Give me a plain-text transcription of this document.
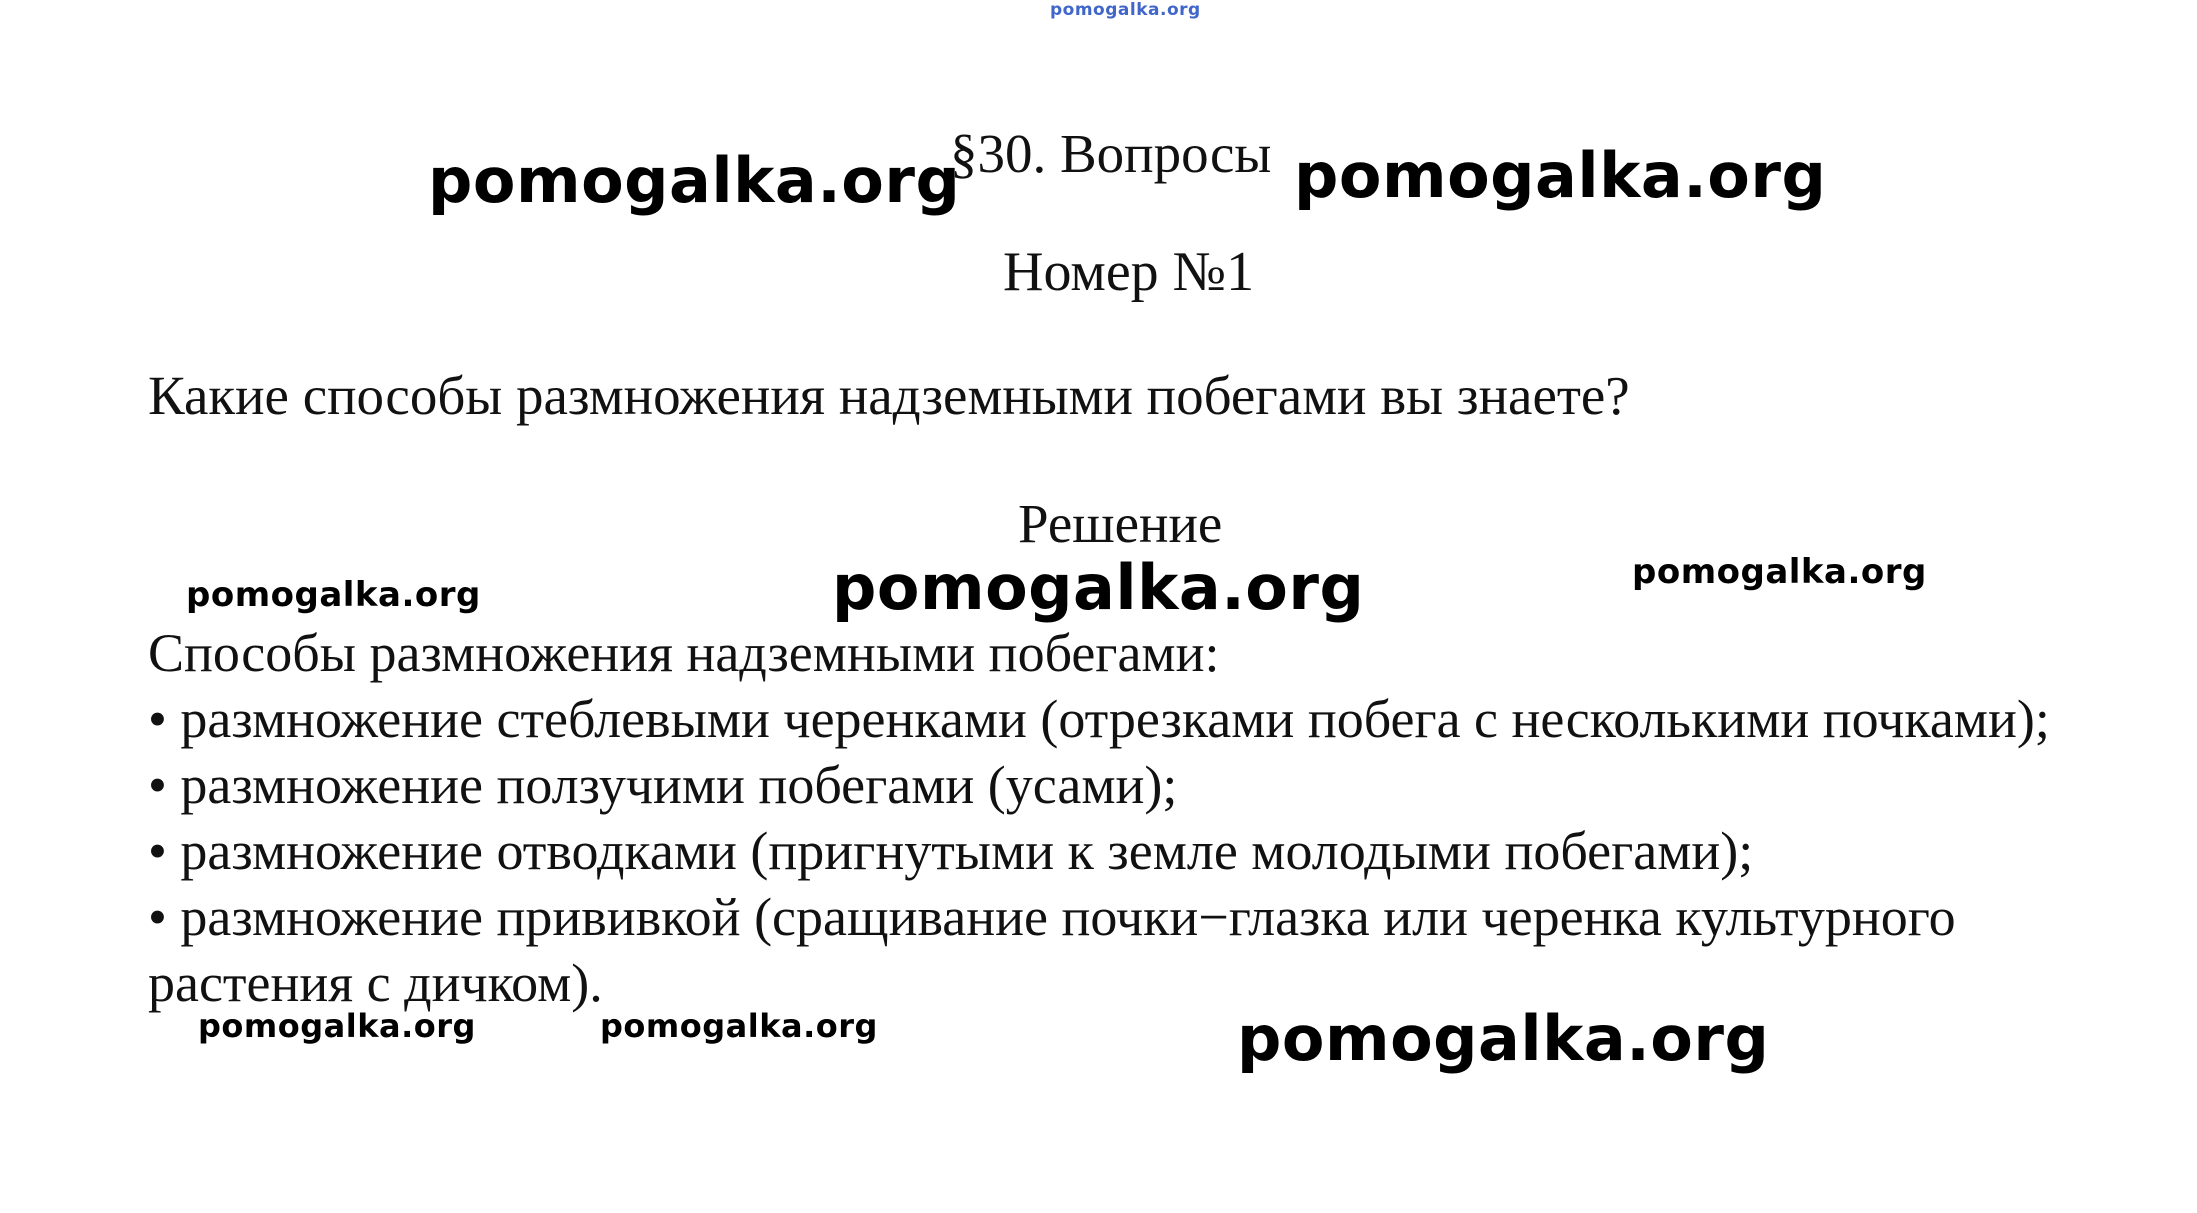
pomogalka.org
pomogalka.org	pomogalka.org
§30. Вопросы
Номер №1
Какие способы размножения надземными побегами вы знаете?
Решение
pomogalka.org	pomogalka.org	pomogalka.org

Способы размножения надземными побегами:

• размножение стеблевыми черенками (отрезками побега с несколькими почками);

• размножение ползучими побегами (усами);

• размножение отводками (пригнутыми к земле молодыми побегами);

• размножение прививкой (сращивание почки−глазка или черенка культурного растения с дичком).

pomogalka.org	pomogalka.org	pomogalka.org
